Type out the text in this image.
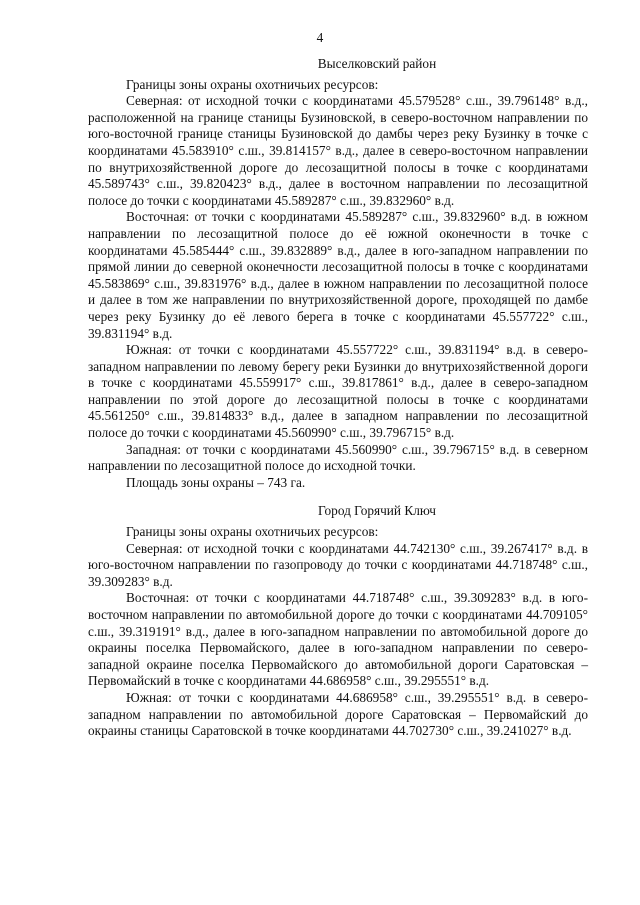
4

Выселковский район

Границы зоны охраны охотничьих ресурсов:

Северная: от исходной точки с координатами 45.579528° с.ш., 39.796148° в.д., расположенной на границе станицы Бузиновской, в северо-восточном направлении по юго-восточной границе станицы Бузиновской до дамбы через реку Бузинку в точке с координатами 45.583910° с.ш., 39.814157° в.д., далее в северо-восточном направлении по внутрихозяйственной дороге до лесозащитной полосы в точке с координатами 45.589743° с.ш., 39.820423° в.д., далее в восточном направлении по лесозащитной полосе до точки с координатами 45.589287° с.ш., 39.832960° в.д.

Восточная: от точки с координатами 45.589287° с.ш., 39.832960° в.д. в южном направлении по лесозащитной полосе до её южной оконечности в точке с координатами 45.585444° с.ш., 39.832889° в.д., далее в юго-западном направлении по прямой линии до северной оконечности лесозащитной полосы в точке с координатами 45.583869° с.ш., 39.831976° в.д., далее в южном направлении по лесозащитной полосе и далее в том же направлении по внутрихозяйственной дороге, проходящей по дамбе через реку Бузинку до её левого берега в точке с координатами 45.557722° с.ш., 39.831194° в.д.

Южная: от точки с координатами 45.557722° с.ш., 39.831194° в.д. в северо-западном направлении по левому берегу реки Бузинки до внутрихозяйственной дороги в точке с координатами 45.559917° с.ш., 39.817861° в.д., далее в северо-западном направлении по этой дороге до лесозащитной полосы в точке с координатами 45.561250° с.ш., 39.814833° в.д., далее в западном направлении по лесозащитной полосе до точки с координатами 45.560990° с.ш., 39.796715° в.д.

Западная: от точки с координатами 45.560990° с.ш., 39.796715° в.д. в северном направлении по лесозащитной полосе до исходной точки.

Площадь зоны охраны – 743 га.

Город Горячий Ключ

Границы зоны охраны охотничьих ресурсов:

Северная: от исходной точки с координатами 44.742130° с.ш., 39.267417° в.д. в юго-восточном направлении по газопроводу до точки с координатами 44.718748° с.ш., 39.309283° в.д.

Восточная: от точки с координатами 44.718748° с.ш., 39.309283° в.д. в юго-восточном направлении по автомобильной дороге до точки с координатами 44.709105° с.ш., 39.319191° в.д., далее в юго-западном направлении по автомобильной дороге до окраины поселка Первомайского, далее в юго-западном направлении по северо-западной окраине поселка Первомайского до автомобильной дороги Саратовская – Первомайский в точке с координатами 44.686958° с.ш., 39.295551° в.д.

Южная: от точки с координатами 44.686958° с.ш., 39.295551° в.д. в северо-западном направлении по автомобильной дороге Саратовская – Первомайский до окраины станицы Саратовской в точке координатами 44.702730° с.ш., 39.241027° в.д.
